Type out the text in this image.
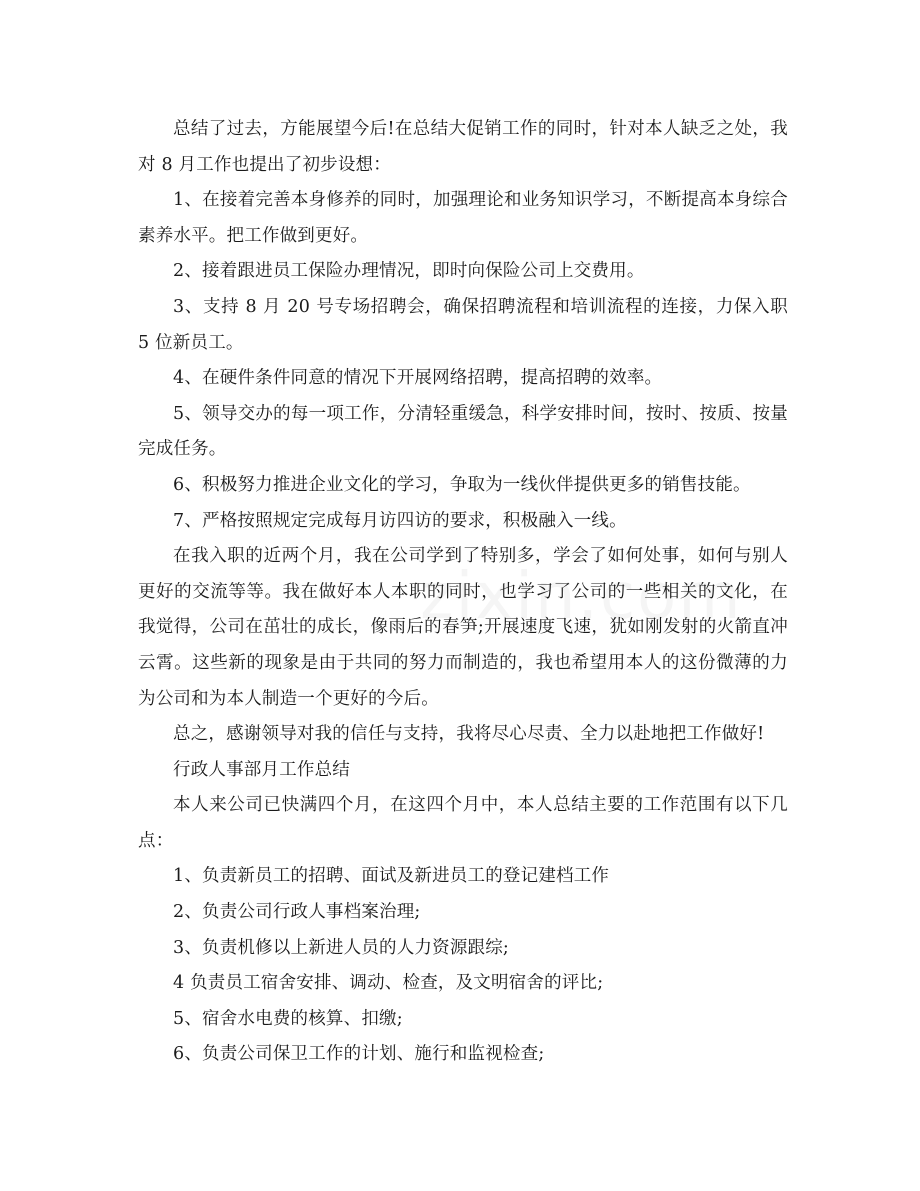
总结了过去，方能展望今后!在总结大促销工作的同时，针对本人缺乏之处，我对 8 月工作也提出了初步设想：

1、在接着完善本身修养的同时，加强理论和业务知识学习，不断提高本身综合素养水平。把工作做到更好。

2、接着跟进员工保险办理情况，即时向保险公司上交费用。

3、支持 8 月 20 号专场招聘会，确保招聘流程和培训流程的连接，力保入职 5 位新员工。

4、在硬件条件同意的情况下开展网络招聘，提高招聘的效率。

5、领导交办的每一项工作，分清轻重缓急，科学安排时间，按时、按质、按量完成任务。

6、积极努力推进企业文化的学习，争取为一线伙伴提供更多的销售技能。

7、严格按照规定完成每月访四访的要求，积极融入一线。

在我入职的近两个月，我在公司学到了特别多，学会了如何处事，如何与别人更好的交流等等。我在做好本人本职的同时，也学习了公司的一些相关的文化，在我觉得，公司在茁壮的成长，像雨后的春笋;开展速度飞速，犹如刚发射的火箭直冲云霄。这些新的现象是由于共同的努力而制造的，我也希望用本人的这份微薄的力为公司和为本人制造一个更好的今后。

总之，感谢领导对我的信任与支持，我将尽心尽责、全力以赴地把工作做好!

行政人事部月工作总结

本人来公司已快满四个月，在这四个月中，本人总结主要的工作范围有以下几点：

1、负责新员工的招聘、面试及新进员工的登记建档工作

2、负责公司行政人事档案治理;

3、负责机修以上新进人员的人力资源跟综;

4 负责员工宿舍安排、调动、检查，及文明宿舍的评比;

5、宿舍水电费的核算、扣缴;

6、负责公司保卫工作的计划、施行和监视检查;
